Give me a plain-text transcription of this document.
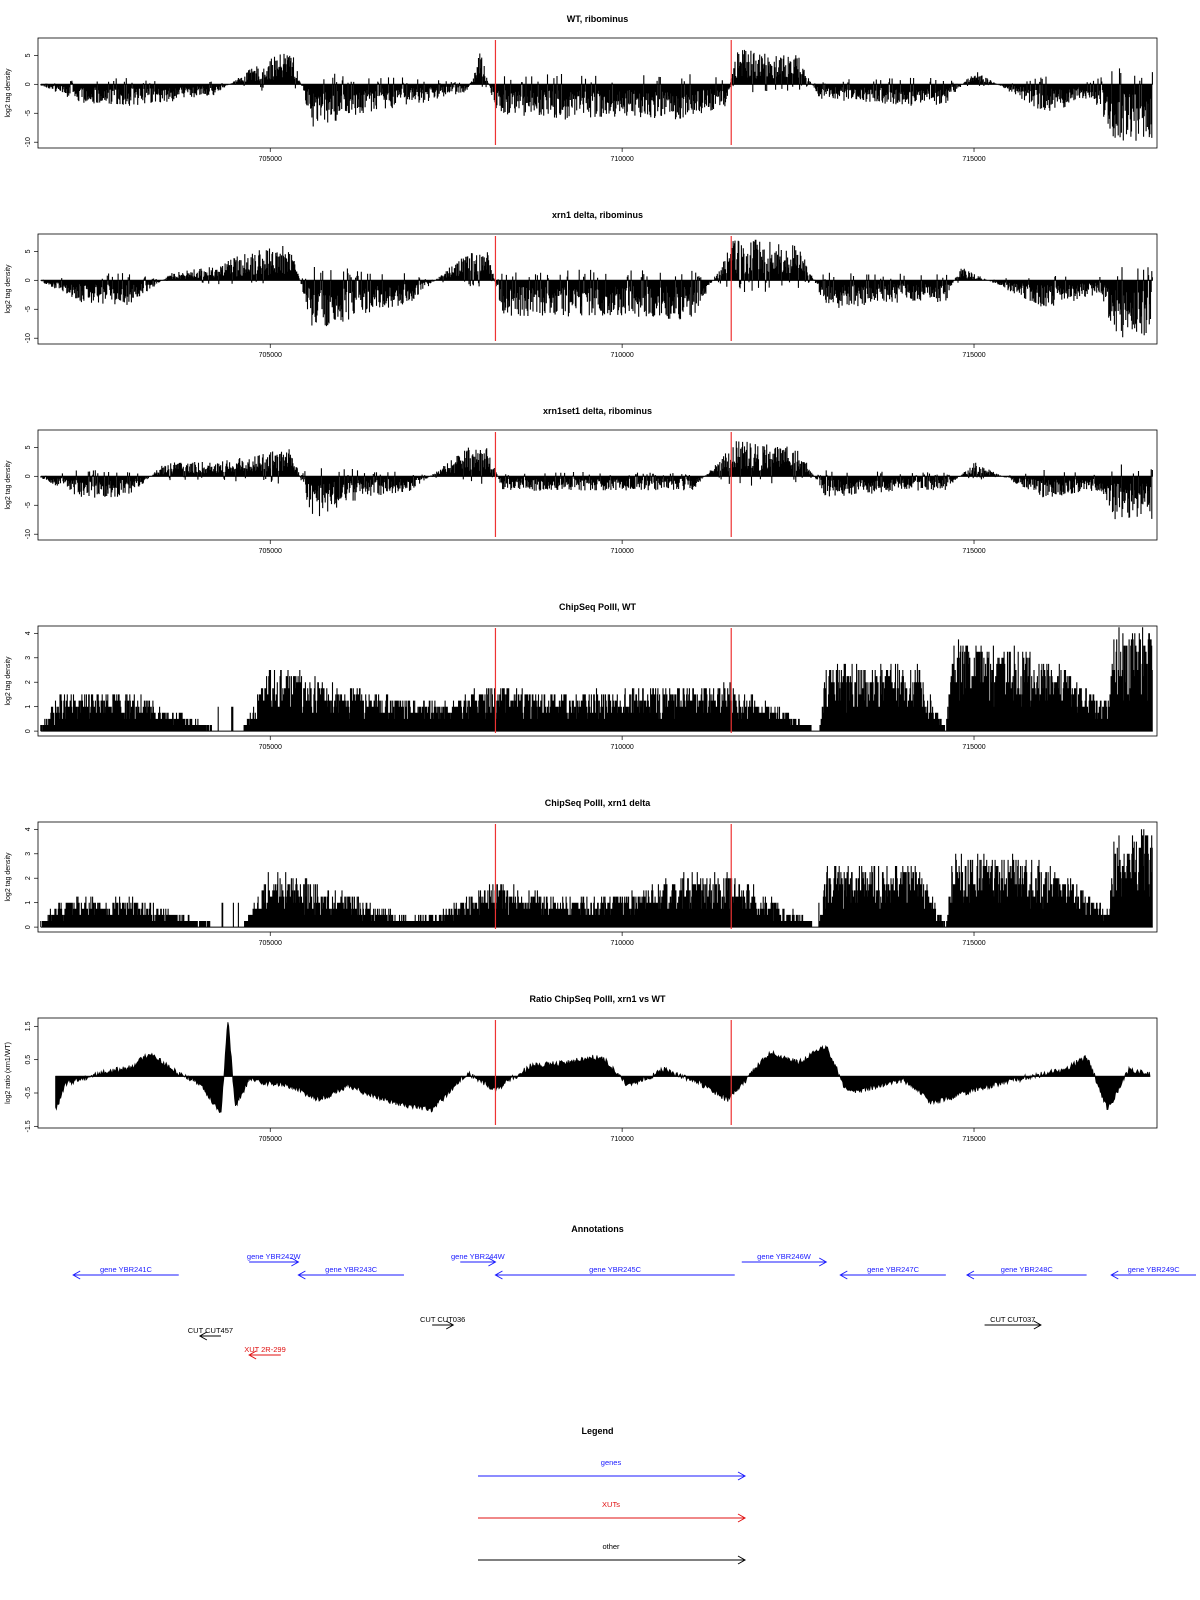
WT, ribominus
-10
-5
0
5
log2 tag density
705000	710000	715000
xrn1 delta, ribominus
-10
-5
0
5
log2 tag density
705000	710000	715000
xrn1set1 delta, ribominus
-10
-5
0
5
log2 tag density
705000	710000	715000
ChipSeq PolII, WT
0
1
2
3
4
log2 tag density
705000	710000	715000
ChipSeq PolII, xrn1 delta
0
1
2
3
4
log2 tag density
705000	710000	715000
Ratio ChipSeq PolII, xrn1 vs WT
-1.5
-0.5
0.5
1.5
log2 ratio (xrn1/WT)
705000	710000	715000
Annotations
gene YBR241C
gene YBR242W
gene YBR243C
gene YBR244W
gene YBR245C
gene YBR246W
gene YBR247C	gene YBR248C	gene YBR249C
CUT CUT457
CUT CUT036	CUT CUT037
XUT 2R-299
Legend
genes
XUTs
other
